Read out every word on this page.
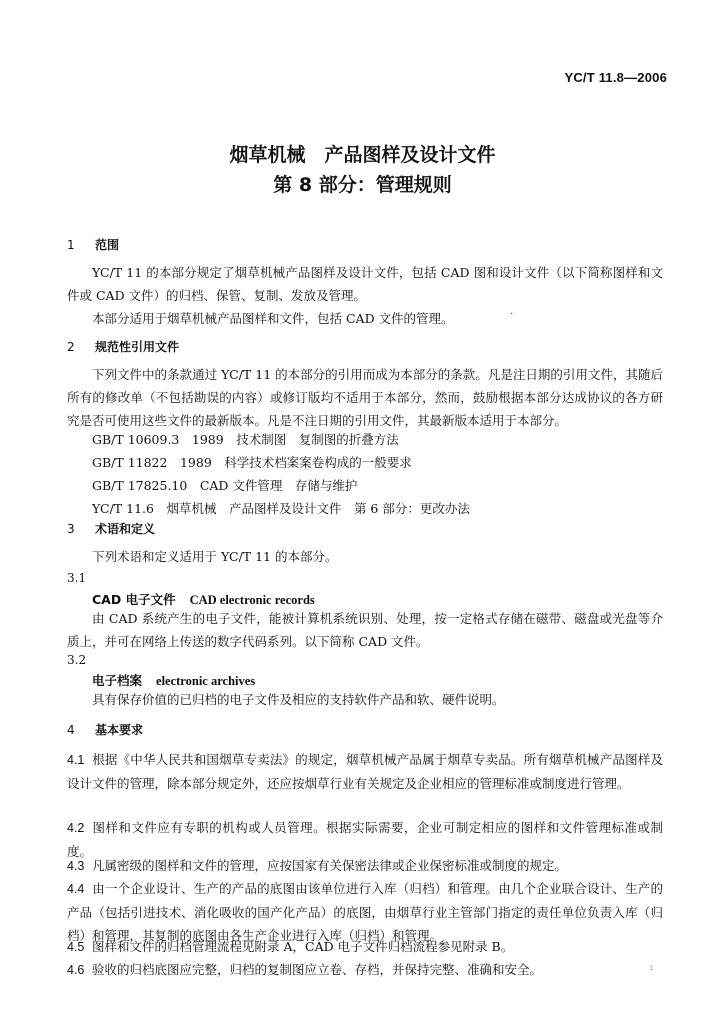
YC/T 11.8—2006
烟草机械　产品图样及设计文件
第 8 部分：管理规则
1 范围

YC/T 11 的本部分规定了烟草机械产品图样及设计文件，包括 CAD 图和设计文件（以下简称图样和文件或 CAD 文件）的归档、保管、复制、发放及管理。

本部分适用于烟草机械产品图样和文件，包括 CAD 文件的管理。	·
2 规范性引用文件

下列文件中的条款通过 YC/T 11 的本部分的引用而成为本部分的条款。凡是注日期的引用文件，其随后所有的修改单（不包括勘误的内容）或修订版均不适用于本部分，然而，鼓励根据本部分达成协议的各方研究是否可使用这些文件的最新版本。凡是不注日期的引用文件，其最新版本适用于本部分。

GB/T 10609.3　1989　技术制图　复制图的折叠方法
GB/T 11822　1989　科学技术档案案卷构成的一般要求
GB/T 17825.10　CAD 文件管理　存储与维护
YC/T 11.6　烟草机械　产品图样及设计文件　第 6 部分：更改办法
3 术语和定义

下列术语和定义适用于 YC/T 11 的本部分。

3.1
CAD 电子文件 CAD electronic records

由 CAD 系统产生的电子文件，能被计算机系统识别、处理，按一定格式存储在磁带、磁盘或光盘等介质上，并可在网络上传送的数字代码系列。以下简称 CAD 文件。

3.2
电子档案 electronic archives

具有保存价值的已归档的电子文件及相应的支持软件产品和软、硬件说明。

4 基本要求

4.1 根据《中华人民共和国烟草专卖法》的规定，烟草机械产品属于烟草专卖品。所有烟草机械产品图样及设计文件的管理，除本部分规定外，还应按烟草行业有关规定及企业相应的管理标准或制度进行管理。

4.2 图样和文件应有专职的机构或人员管理。根据实际需要，企业可制定相应的图样和文件管理标准或制度。

4.3 凡属密级的图样和文件的管理，应按国家有关保密法律或企业保密标准或制度的规定。

4.4 由一个企业设计、生产的产品的底图由该单位进行入库（归档）和管理。由几个企业联合设计、生产的产品（包括引进技术、消化吸收的国产化产品）的底图，由烟草行业主管部门指定的责任单位负责入库（归档）和管理，其复制的底图由各生产企业进行入库（归档）和管理。

4.5 图样和文件的归档管理流程见附录 A，CAD 电子文件归档流程参见附录 B。

4.6 验收的归档底图应完整，归档的复制图应立卷、存档，并保持完整、准确和安全。	:
